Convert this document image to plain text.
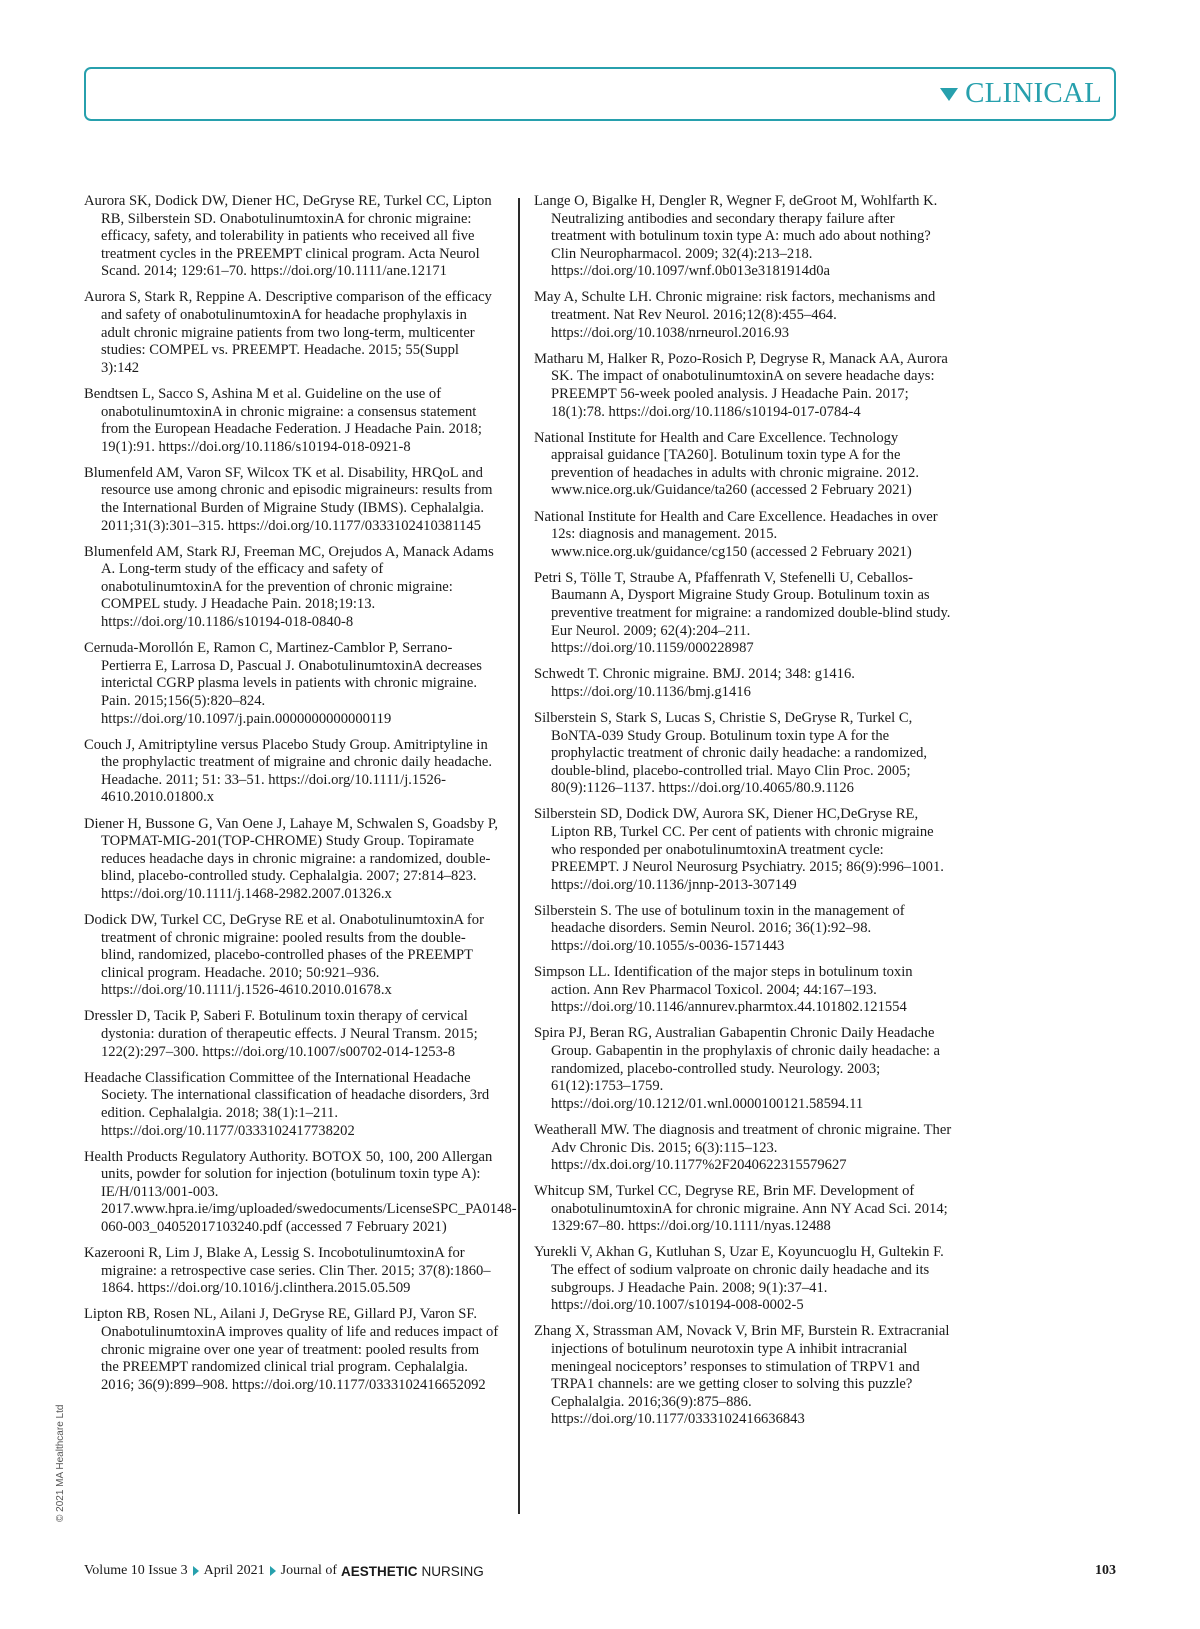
CLINICAL
Aurora SK, Dodick DW, Diener HC, DeGryse RE, Turkel CC, Lipton RB, Silberstein SD. OnabotulinumtoxinA for chronic migraine: efficacy, safety, and tolerability in patients who received all five treatment cycles in the PREEMPT clinical program. Acta Neurol Scand. 2014; 129:61–70. https://doi.org/10.1111/ane.12171
Aurora S, Stark R, Reppine A. Descriptive comparison of the efficacy and safety of onabotulinumtoxinA for headache prophylaxis in adult chronic migraine patients from two long-term, multicenter studies: COMPEL vs. PREEMPT. Headache. 2015; 55(Suppl 3):142
Bendtsen L, Sacco S, Ashina M et al. Guideline on the use of onabotulinumtoxinA in chronic migraine: a consensus statement from the European Headache Federation. J Headache Pain. 2018; 19(1):91. https://doi.org/10.1186/s10194-018-0921-8
Blumenfeld AM, Varon SF, Wilcox TK et al. Disability, HRQoL and resource use among chronic and episodic migraineurs: results from the International Burden of Migraine Study (IBMS). Cephalalgia. 2011;31(3):301–315. https://doi.org/10.1177/0333102410381145
Blumenfeld AM, Stark RJ, Freeman MC, Orejudos A, Manack Adams A. Long-term study of the efficacy and safety of onabotulinumtoxinA for the prevention of chronic migraine: COMPEL study. J Headache Pain. 2018;19:13. https://doi.org/10.1186/s10194-018-0840-8
Cernuda-Morollón E, Ramon C, Martinez-Camblor P, Serrano-Pertierra E, Larrosa D, Pascual J. OnabotulinumtoxinA decreases interictal CGRP plasma levels in patients with chronic migraine. Pain. 2015;156(5):820–824. https://doi.org/10.1097/j.pain.0000000000000119
Couch J, Amitriptyline versus Placebo Study Group. Amitriptyline in the prophylactic treatment of migraine and chronic daily headache. Headache. 2011; 51: 33–51. https://doi.org/10.1111/j.1526-4610.2010.01800.x
Diener H, Bussone G, Van Oene J, Lahaye M, Schwalen S, Goadsby P, TOPMAT-MIG-201(TOP-CHROME) Study Group. Topiramate reduces headache days in chronic migraine: a randomized, double-blind, placebo-controlled study. Cephalalgia. 2007; 27:814–823. https://doi.org/10.1111/j.1468-2982.2007.01326.x
Dodick DW, Turkel CC, DeGryse RE et al. OnabotulinumtoxinA for treatment of chronic migraine: pooled results from the double-blind, randomized, placebo-controlled phases of the PREEMPT clinical program. Headache. 2010; 50:921–936. https://doi.org/10.1111/j.1526-4610.2010.01678.x
Dressler D, Tacik P, Saberi F. Botulinum toxin therapy of cervical dystonia: duration of therapeutic effects. J Neural Transm. 2015; 122(2):297–300. https://doi.org/10.1007/s00702-014-1253-8
Headache Classification Committee of the International Headache Society. The international classification of headache disorders, 3rd edition. Cephalalgia. 2018; 38(1):1–211. https://doi.org/10.1177/0333102417738202
Health Products Regulatory Authority. BOTOX 50, 100, 200 Allergan units, powder for solution for injection (botulinum toxin type A): IE/H/0113/001-003. 2017.www.hpra.ie/img/uploaded/swedocuments/LicenseSPC_PA0148-060-003_04052017103240.pdf (accessed 7 February 2021)
Kazerooni R, Lim J, Blake A, Lessig S. IncobotulinumtoxinA for migraine: a retrospective case series. Clin Ther. 2015; 37(8):1860–1864. https://doi.org/10.1016/j.clinthera.2015.05.509
Lipton RB, Rosen NL, Ailani J, DeGryse RE, Gillard PJ, Varon SF. OnabotulinumtoxinA improves quality of life and reduces impact of chronic migraine over one year of treatment: pooled results from the PREEMPT randomized clinical trial program. Cephalalgia. 2016; 36(9):899–908. https://doi.org/10.1177/0333102416652092
Lange O, Bigalke H, Dengler R, Wegner F, deGroot M, Wohlfarth K. Neutralizing antibodies and secondary therapy failure after treatment with botulinum toxin type A: much ado about nothing? Clin Neuropharmacol. 2009; 32(4):213–218. https://doi.org/10.1097/wnf.0b013e3181914d0a
May A, Schulte LH. Chronic migraine: risk factors, mechanisms and treatment. Nat Rev Neurol. 2016;12(8):455–464. https://doi.org/10.1038/nrneurol.2016.93
Matharu M, Halker R, Pozo-Rosich P, Degryse R, Manack AA, Aurora SK. The impact of onabotulinumtoxinA on severe headache days: PREEMPT 56-week pooled analysis. J Headache Pain. 2017; 18(1):78. https://doi.org/10.1186/s10194-017-0784-4
National Institute for Health and Care Excellence. Technology appraisal guidance [TA260]. Botulinum toxin type A for the prevention of headaches in adults with chronic migraine. 2012. www.nice.org.uk/Guidance/ta260 (accessed 2 February 2021)
National Institute for Health and Care Excellence. Headaches in over 12s: diagnosis and management. 2015. www.nice.org.uk/guidance/cg150 (accessed 2 February 2021)
Petri S, Tölle T, Straube A, Pfaffenrath V, Stefenelli U, Ceballos-Baumann A, Dysport Migraine Study Group. Botulinum toxin as preventive treatment for migraine: a randomized double-blind study. Eur Neurol. 2009; 62(4):204–211. https://doi.org/10.1159/000228987
Schwedt T. Chronic migraine. BMJ. 2014; 348: g1416. https://doi.org/10.1136/bmj.g1416
Silberstein S, Stark S, Lucas S, Christie S, DeGryse R, Turkel C, BoNTA-039 Study Group. Botulinum toxin type A for the prophylactic treatment of chronic daily headache: a randomized, double-blind, placebo-controlled trial. Mayo Clin Proc. 2005; 80(9):1126–1137. https://doi.org/10.4065/80.9.1126
Silberstein SD, Dodick DW, Aurora SK, Diener HC,DeGryse RE, Lipton RB, Turkel CC. Per cent of patients with chronic migraine who responded per onabotulinumtoxinA treatment cycle: PREEMPT. J Neurol Neurosurg Psychiatry. 2015; 86(9):996–1001. https://doi.org/10.1136/jnnp-2013-307149
Silberstein S. The use of botulinum toxin in the management of headache disorders. Semin Neurol. 2016; 36(1):92–98. https://doi.org/10.1055/s-0036-1571443
Simpson LL. Identification of the major steps in botulinum toxin action. Ann Rev Pharmacol Toxicol. 2004; 44:167–193. https://doi.org/10.1146/annurev.pharmtox.44.101802.121554
Spira PJ, Beran RG, Australian Gabapentin Chronic Daily Headache Group. Gabapentin in the prophylaxis of chronic daily headache: a randomized, placebo-controlled study. Neurology. 2003; 61(12):1753–1759. https://doi.org/10.1212/01.wnl.0000100121.58594.11
Weatherall MW. The diagnosis and treatment of chronic migraine. Ther Adv Chronic Dis. 2015; 6(3):115–123. https://dx.doi.org/10.1177%2F2040622315579627
Whitcup SM, Turkel CC, Degryse RE, Brin MF. Development of onabotulinumtoxinA for chronic migraine. Ann NY Acad Sci. 2014; 1329:67–80. https://doi.org/10.1111/nyas.12488
Yurekli V, Akhan G, Kutluhan S, Uzar E, Koyuncuoglu H, Gultekin F. The effect of sodium valproate on chronic daily headache and its subgroups. J Headache Pain. 2008; 9(1):37–41. https://doi.org/10.1007/s10194-008-0002-5
Zhang X, Strassman AM, Novack V, Brin MF, Burstein R. Extracranial injections of botulinum neurotoxin type A inhibit intracranial meningeal nociceptors’ responses to stimulation of TRPV1 and TRPA1 channels: are we getting closer to solving this puzzle? Cephalalgia. 2016;36(9):875–886. https://doi.org/10.1177/0333102416636843
© 2021 MA Healthcare Ltd
Volume 10 Issue 3 April 2021 Journal of AESTHETIC NURSING	103
